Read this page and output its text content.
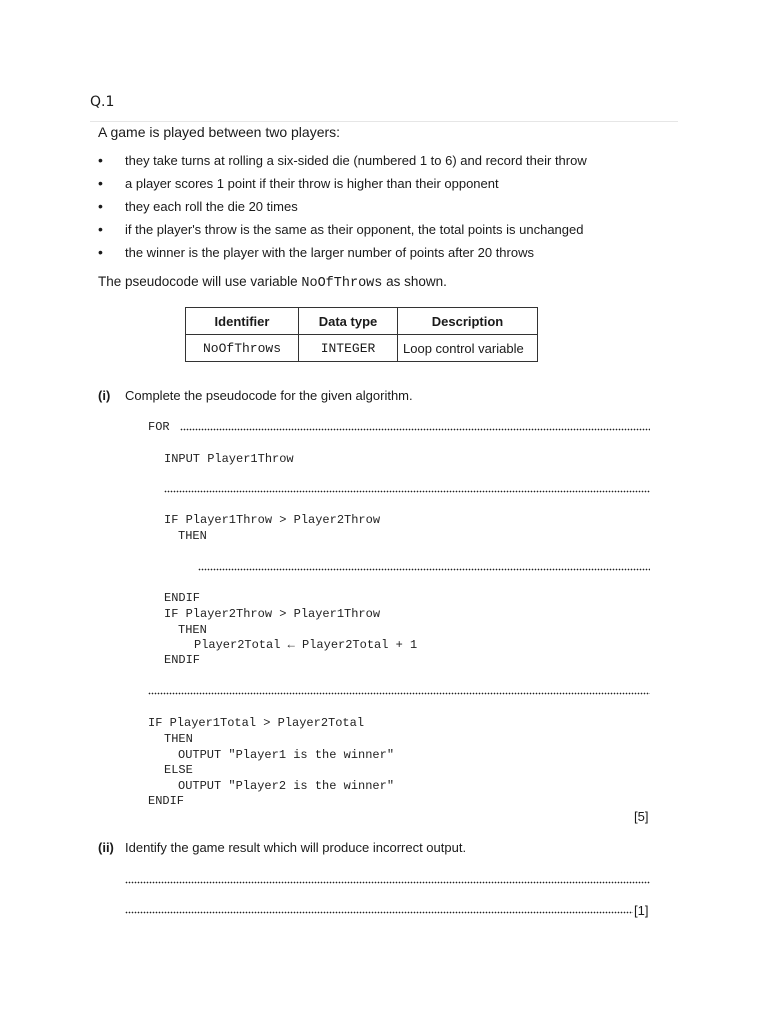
Q.1
A game is played between two players:
• they take turns at rolling a six-sided die (numbered 1 to 6) and record their throw
• a player scores 1 point if their throw is higher than their opponent
• they each roll the die 20 times
• if the player's throw is the same as their opponent, the total points is unchanged
• the winner is the player with the larger number of points after 20 throws
The pseudocode will use variable NoOfThrows as shown.
Identifier	Data type	Description
NoOfThrows	INTEGER	Loop control variable
(i) Complete the pseudocode for the given algorithm.
FOR
INPUT Player1Throw
IF Player1Throw > Player2Throw
THEN
ENDIF
IF Player2Throw > Player1Throw
THEN
Player2Total ← Player2Total + 1
ENDIF
IF Player1Total > Player2Total
THEN
OUTPUT "Player1 is the winner"
ELSE
OUTPUT "Player2 is the winner"
ENDIF
[5]
(ii) Identify the game result which will produce incorrect output.
[1]
